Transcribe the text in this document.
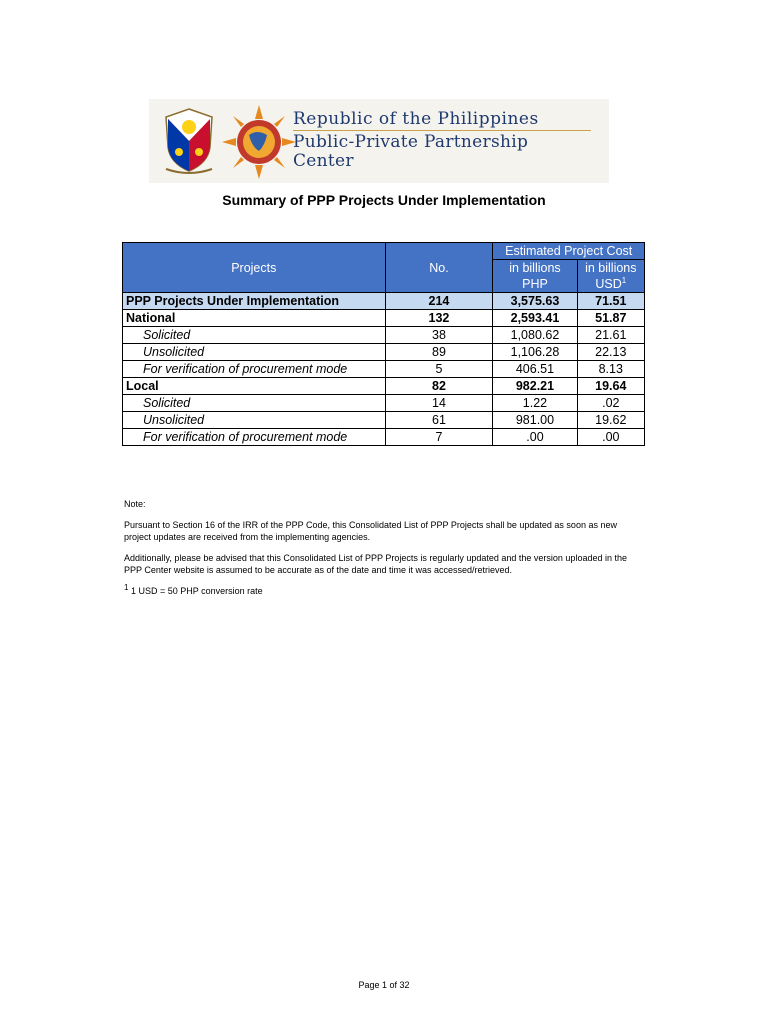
Republic of the Philippines
Public-Private Partnership
Center
Summary of PPP Projects Under Implementation
Projects	No.	Estimated Project Cost	
		in billions PHP	in billions USD$^1$
PPP Projects Under Implementation	214	3,575.63	71.51
National	132	2,593.41	51.87
Solicited	38	1,080.62	21.61
Unsolicited	89	1,106.28	22.13
For verification of procurement mode	5	406.51	8.13
Local	82	982.21	19.64
Solicited	14	1.22	.02
Unsolicited	61	981.00	19.62
For verification of procurement mode	7	.00	.00

Note:

Pursuant to Section 16 of the IRR of the PPP Code, this Consolidated List of PPP Projects shall be updated as soon as new project updates are received from the implementing agencies.

Additionally, please be advised that this Consolidated List of PPP Projects is regularly updated and the version uploaded in the PPP Center website is assumed to be accurate as of the date and time it was accessed/retrieved.

$^1$ 1 USD = 50 PHP conversion rate

Page 1 of 32
